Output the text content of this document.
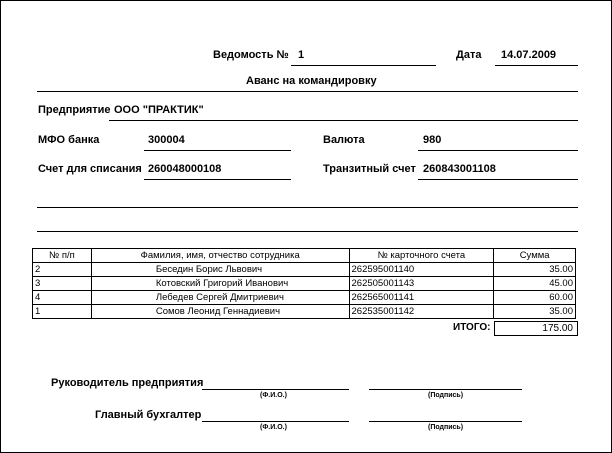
Ведомость № 1	Дата 14.07.2009
Аванс на командировку
Предприятие ООО "ПРАКТИК"
МФО банка	300004	Валюта	980
Счет для списания 260048000108	Транзитный счет 260843001108
№ п/п	Фамилия, имя, отчество сотрудника	№ карточного счета	Сумма
2	Беседин Борис Львович	262595001140	35.00
3	Котовский Григорий Иванович	262505001143	45.00
4	Лебедев Сергей Дмитриевич	262565001141	60.00
1	Сомов Леонид Геннадиевич	262535001142	35.00
ИТОГО:	175.00
Руководитель предприятия
(Ф.И.О.)	(Подпись)
Главный бухгалтер
(Ф.И.О.)	(Подпись)
